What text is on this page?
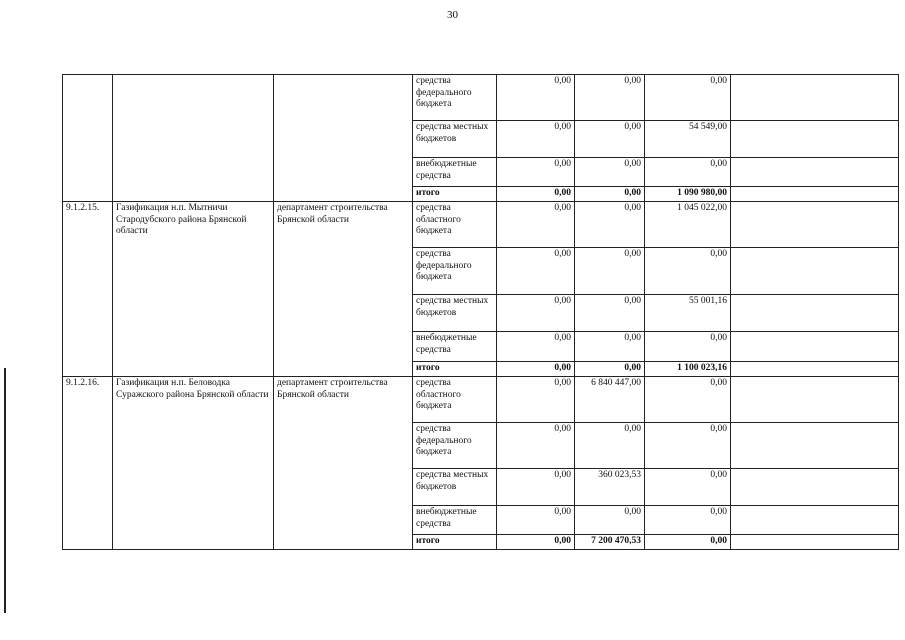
30
			средства федерального бюджета	0,00	0,00	0,00	
			средства местных бюджетов	0,00	0,00	54 549,00	
			внебюджетные средства	0,00	0,00	0,00	
			итого	0,00	0,00	1 090 980,00	
9.1.2.15.	Газификация н.п. Мытничи Стародубского района Брянской области	департамент строительства Брянской области	средства областного бюджета	0,00	0,00	1 045 022,00	
			средства федерального бюджета	0,00	0,00	0,00	
			средства местных бюджетов	0,00	0,00	55 001,16	
			внебюджетные средства	0,00	0,00	0,00	
			итого	0,00	0,00	1 100 023,16	
9.1.2.16.	Газификация н.п. Беловодка Суражского района Брянской области	департамент строительства Брянской области	средства областного бюджета	0,00	6 840 447,00	0,00	
			средства федерального бюджета	0,00	0,00	0,00	
			средства местных бюджетов	0,00	360 023,53	0,00	
			внебюджетные средства	0,00	0,00	0,00	
			итого	0,00	7 200 470,53	0,00	
